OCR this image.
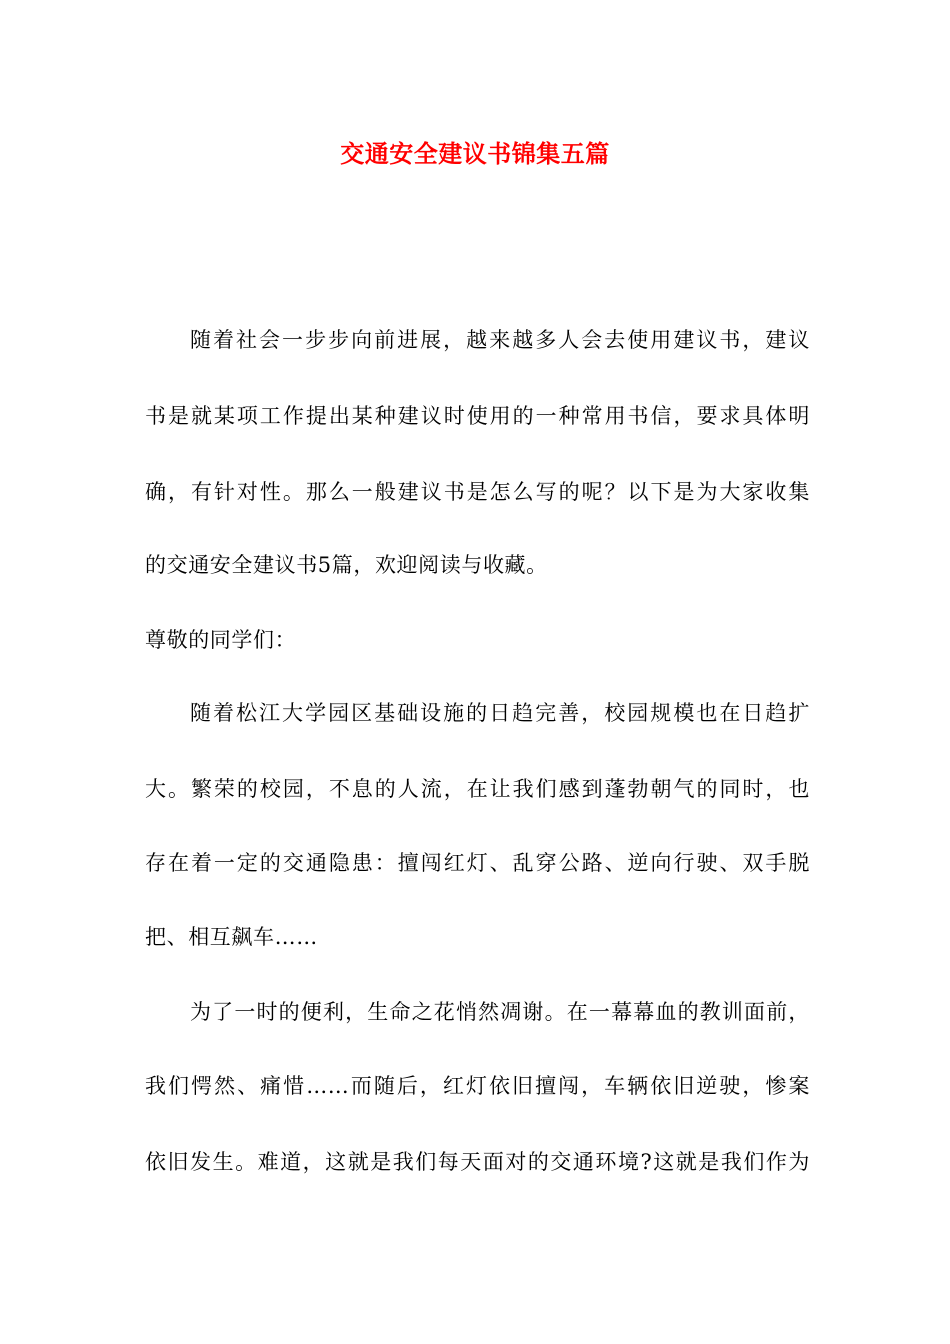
交通安全建议书锦集五篇
随着社会一步步向前进展，越来越多人会去使用建议书，建议
书是就某项工作提出某种建议时使用的一种常用书信，要求具体明
确，有针对性。那么一般建议书是怎么写的呢？以下是为大家收集
的交通安全建议书5篇，欢迎阅读与收藏。
尊敬的同学们：
随着松江大学园区基础设施的日趋完善，校园规模也在日趋扩
大。繁荣的校园，不息的人流，在让我们感到蓬勃朝气的同时，也
存在着一定的交通隐患：擅闯红灯、乱穿公路、逆向行驶、双手脱
把、相互飙车……
为了一时的便利，生命之花悄然凋谢。在一幕幕血的教训面前，
我们愕然、痛惜……而随后，红灯依旧擅闯，车辆依旧逆驶，惨案
依旧发生。难道，这就是我们每天面对的交通环境?这就是我们作为
